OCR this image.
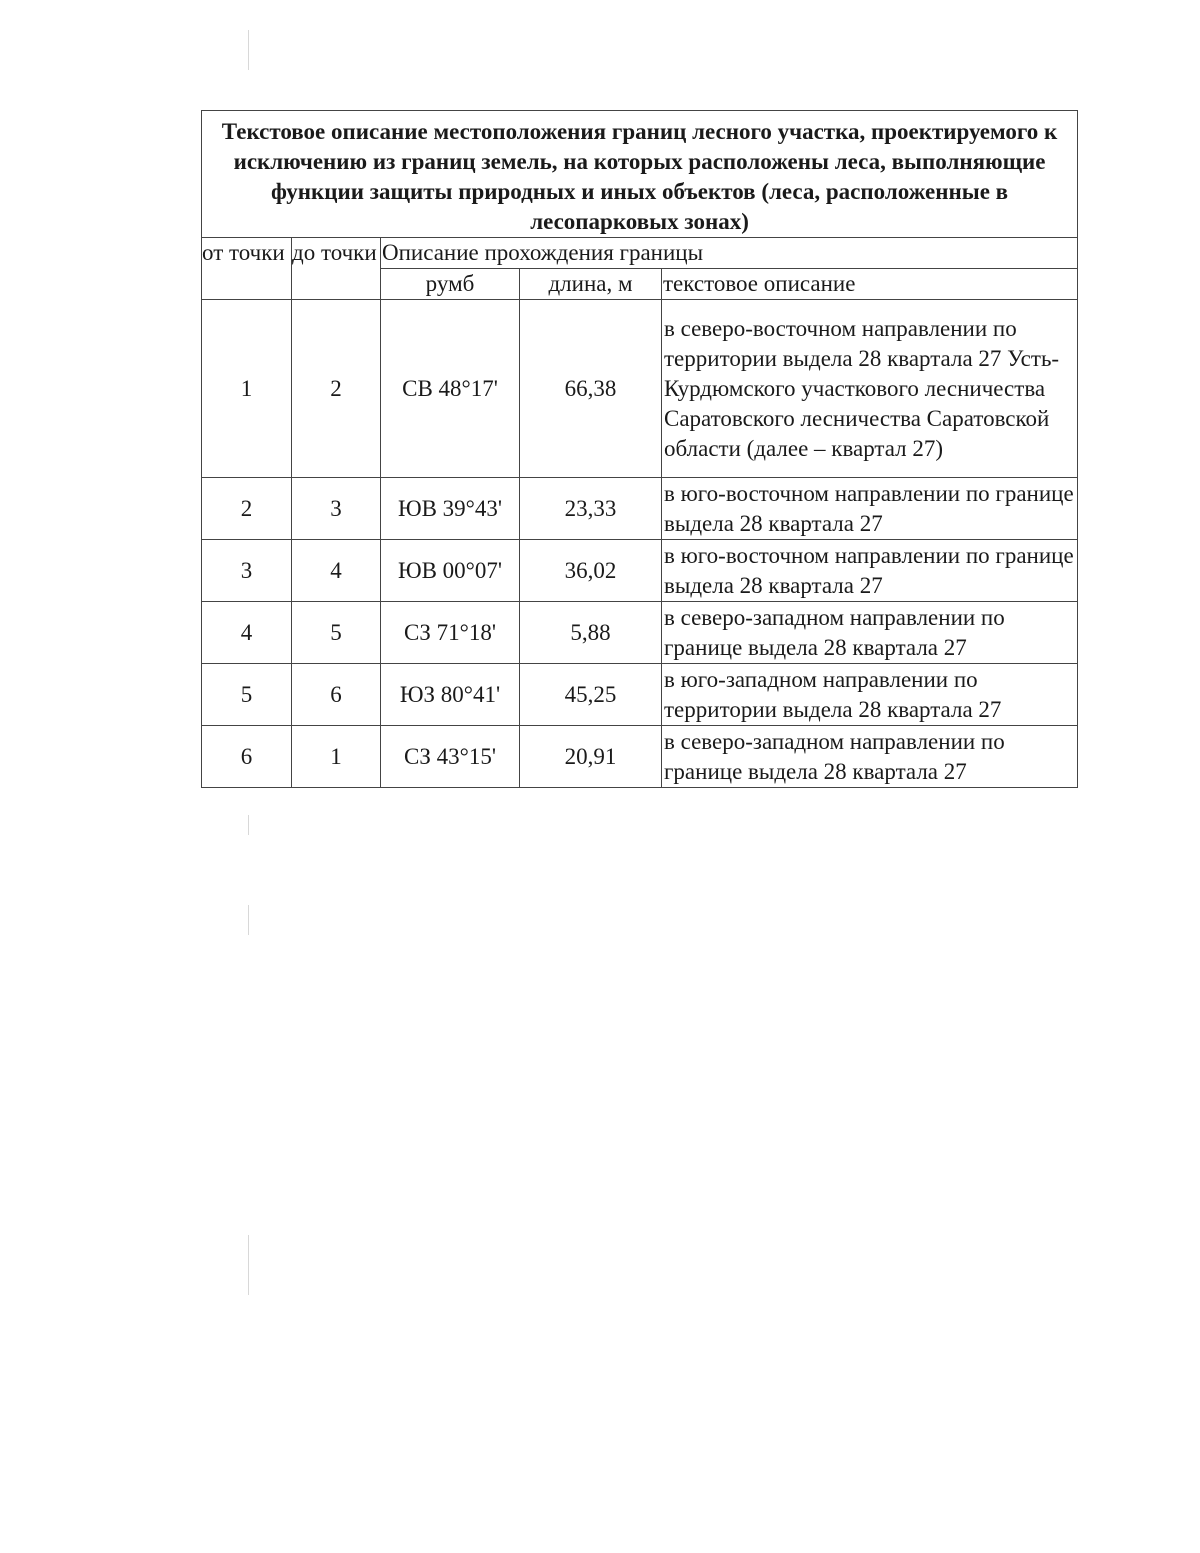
Текстовое описание местоположения границ лесного участка, проектируемого к исключению из границ земель, на которых расположены леса, выполняющие функции защиты природных и иных объектов (леса, расположенные в лесопарковых зонах)				
от точки	до точки	Описание прохождения границы		
		румб	длина, м	текстовое описание
1	2	СВ 48°17'	66,38	в северо-восточном направлении по территории выдела 28 квартала 27 Усть-Курдюмского участкового лесничества Саратовского лесничества Саратовской области (далее – квартал 27)
2	3	ЮВ 39°43'	23,33	в юго-восточном направлении по границе выдела 28 квартала 27
3	4	ЮВ 00°07'	36,02	в юго-восточном направлении по границе выдела 28 квартала 27
4	5	СЗ 71°18'	5,88	в северо-западном направлении по границе выдела 28 квартала 27
5	6	ЮЗ 80°41'	45,25	в юго-западном направлении по территории выдела 28 квартала 27
6	1	СЗ 43°15'	20,91	в северо-западном направлении по границе выдела 28 квартала 27
